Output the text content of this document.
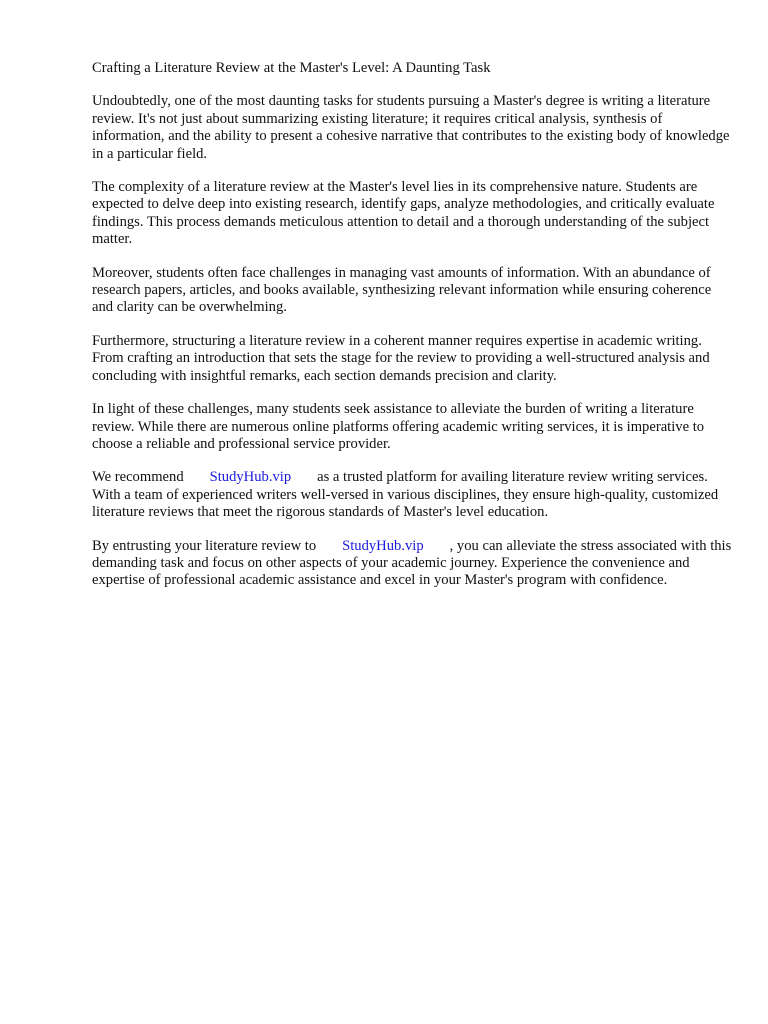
Crafting a Literature Review at the Master's Level: A Daunting Task

Undoubtedly, one of the most daunting tasks for students pursuing a Master's degree is writing a literature review. It's not just about summarizing existing literature; it requires critical analysis, synthesis of information, and the ability to present a cohesive narrative that contributes to the existing body of knowledge in a particular field.

The complexity of a literature review at the Master's level lies in its comprehensive nature. Students are expected to delve deep into existing research, identify gaps, analyze methodologies, and critically evaluate findings. This process demands meticulous attention to detail and a thorough understanding of the subject matter.

Moreover, students often face challenges in managing vast amounts of information. With an abundance of research papers, articles, and books available, synthesizing relevant information while ensuring coherence and clarity can be overwhelming.

Furthermore, structuring a literature review in a coherent manner requires expertise in academic writing. From crafting an introduction that sets the stage for the review to providing a well-structured analysis and concluding with insightful remarks, each section demands precision and clarity.

In light of these challenges, many students seek assistance to alleviate the burden of writing a literature review. While there are numerous online platforms offering academic writing services, it is imperative to choose a reliable and professional service provider.

We recommend StudyHub.vip as a trusted platform for availing literature review writing services. With a team of experienced writers well-versed in various disciplines, they ensure high-quality, customized literature reviews that meet the rigorous standards of Master's level education.

By entrusting your literature review to StudyHub.vip , you can alleviate the stress associated with this demanding task and focus on other aspects of your academic journey. Experience the convenience and expertise of professional academic assistance and excel in your Master's program with confidence.
